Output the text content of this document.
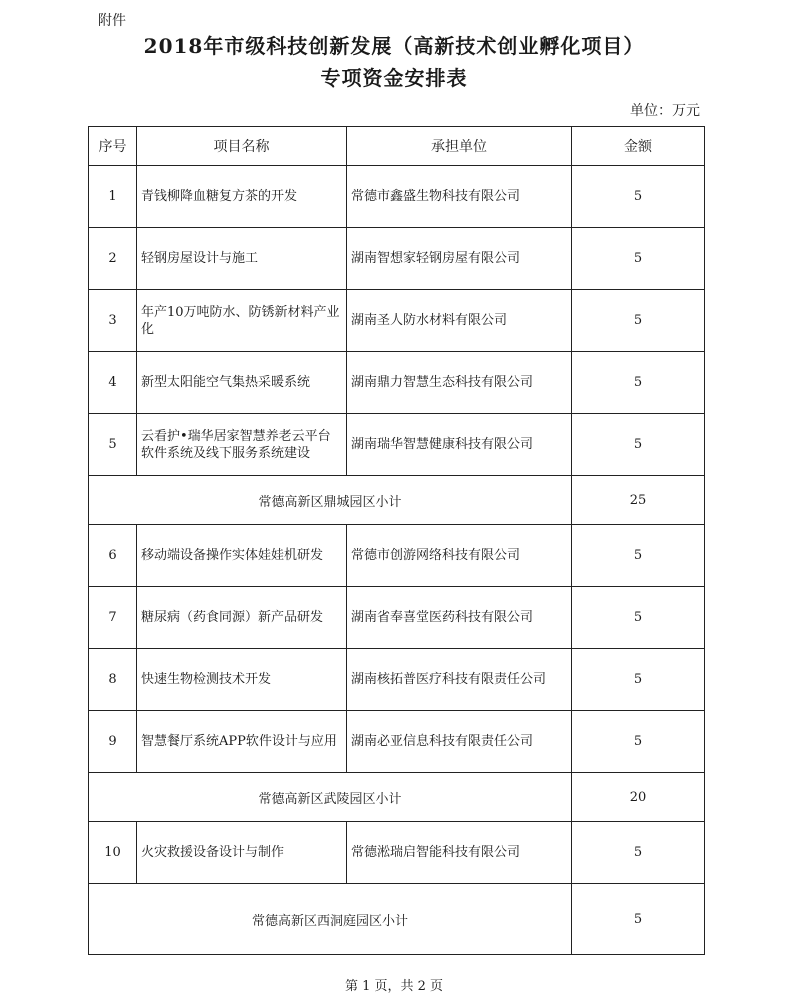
附件
2018年市级科技创新发展（高新技术创业孵化项目）
专项资金安排表
单位：万元
序号	项目名称	承担单位	金额
1	青钱柳降血糖复方茶的开发	常德市鑫盛生物科技有限公司	5
2	轻钢房屋设计与施工	湖南智想家轻钢房屋有限公司	5
3	年产10万吨防水、防锈新材料产业化	湖南圣人防水材料有限公司	5
4	新型太阳能空气集热采暖系统	湖南鼎力智慧生态科技有限公司	5
5	云看护•瑞华居家智慧养老云平台软件系统及线下服务系统建设	湖南瑞华智慧健康科技有限公司	5
常德高新区鼎城园区小计			25
6	移动端设备操作实体娃娃机研发	常德市创游网络科技有限公司	5
7	糖尿病（药食同源）新产品研发	湖南省奉喜堂医药科技有限公司	5
8	快速生物检测技术开发	湖南核拓普医疗科技有限责任公司	5
9	智慧餐厅系统APP软件设计与应用	湖南必亚信息科技有限责任公司	5
常德高新区武陵园区小计			20
10	火灾救援设备设计与制作	常德淞瑞启智能科技有限公司	5
常德高新区西洞庭园区小计			5
第 1 页，共 2 页
